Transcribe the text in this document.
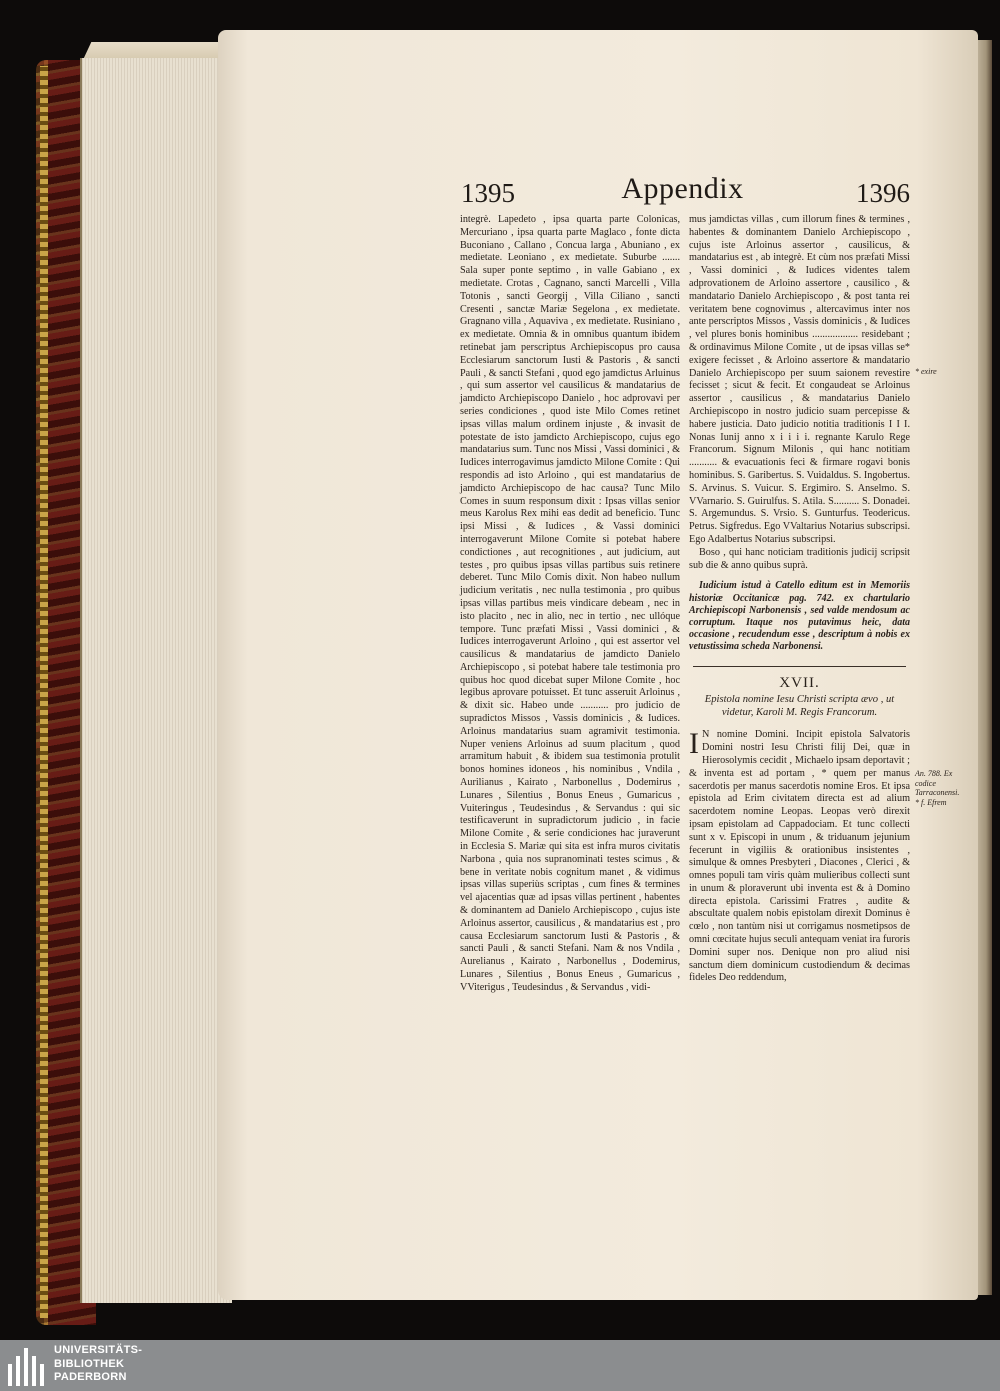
1395	Appendix	1396

integrè. Lapedeto , ipsa quarta parte Colonicas, Mercuriano , ipsa quarta parte Maglaco , fonte dicta Buconiano , Callano , Concua larga , Abuniano , ex medietate. Leoniano , ex medietate. Suburbe ....... Sala super ponte septimo , in valle Gabiano , ex medietate. Crotas , Cagnano, sancti Marcelli , Villa Totonis , sancti Georgij , Villa Ciliano , sancti Cresenti , sanctæ Mariæ Segelona , ex medietate. Gragnano villa , Aquaviva , ex medietate. Rusiniano , ex medietate. Omnia & in omnibus quantum ibidem retinebat jam perscriptus Archiepiscopus pro causa Ecclesiarum sanctorum Iusti & Pastoris , & sancti Pauli , & sancti Stefani , quod ego jamdictus Arluinus , qui sum assertor vel causilicus & mandatarius de jamdicto Archiepiscopo Danielo , hoc adprovavi per series condiciones , quod iste Milo Comes retinet ipsas villas malum ordinem injuste , & invasit de potestate de isto jamdicto Archiepiscopo, cujus ego mandatarius sum. Tunc nos Missi , Vassi dominici , & Iudices interrogavimus jamdicto Milone Comite : Qui respondis ad isto Arloino , qui est mandatarius de jamdicto Archiepiscopo de hac causa? Tunc Milo Comes in suum responsum dixit : Ipsas villas senior meus Karolus Rex mihi eas dedit ad beneficio. Tunc ipsi Missi , & Iudices , & Vassi dominici interrogaverunt Milone Comite si potebat habere condictiones , aut recognitiones , aut judicium, aut testes , pro quibus ipsas villas partibus suis retinere deberet. Tunc Milo Comis dixit. Non habeo nullum judicium veritatis , nec nulla testimonia , pro quibus ipsas villas partibus meis vindicare debeam , nec in isto placito , nec in alio, nec in tertio , nec ullóque tempore. Tunc præfati Missi , Vassi dominici , & Iudices interrogaverunt Arloino , qui est assertor vel causilicus & mandatarius de jamdicto Danielo Archiepiscopo , si potebat habere tale testimonia pro quibus hoc quod dicebat super Milone Comite , hoc legibus aprovare potuisset. Et tunc asseruit Arloinus , & dixit sic. Habeo unde ........... pro judicio de supradictos Missos , Vassis dominicis , & Iudices. Arloinus mandatarius suam agramivit testimonia. Nuper veniens Arloinus ad suum placitum , quod arramitum habuit , & ibidem sua testimonia protulit bonos homines idoneos , his nominibus , Vndila , Aurilianus , Kairato , Narbonellus , Dodemirus , Lunares , Silentius , Bonus Eneus , Gumaricus , Vuiteringus , Teudesindus , & Servandus : qui sic testificaverunt in supradictorum judicio , in facie Milone Comite , & serie condiciones hac juraverunt in Ecclesia S. Mariæ qui sita est infra muros civitatis Narbona , quia nos supranominati testes scimus , & bene in veritate nobis cognitum manet , & vidimus ipsas villas superiùs scriptas , cum fines & termines vel ajacentias quæ ad ipsas villas pertinent , habentes & dominantem ad Danielo Archiepiscopo , cujus iste Arloinus assertor, causilicus , & mandatarius est , pro causa Ecclesiarum sanctorum Iusti & Pastoris , & sancti Pauli , & sancti Stefani. Nam & nos Vndila , Aurelianus , Kairato , Narbonellus , Dodemirus, Lunares , Silentius , Bonus Eneus , Gumaricus , VViterigus , Teudesindus , & Servandus , vidi-

mus jamdictas villas , cum illorum fines & termines , habentes & dominantem Danielo Archiepiscopo , cujus iste Arloinus assertor , causilicus, & mandatarius est , ab integrè. Et cùm nos præfati Missi , Vassi dominici , & Iudices videntes talem adprovationem de Arloino assertore , causilico , & mandatario Danielo Archiepiscopo , & post tanta rei veritatem bene cognovimus , altercavimus inter nos ante perscriptos Missos , Vassis dominicis , & Iudices , vel plures bonis hominibus .................. residebant ; & ordinavimus Milone Comite , ut de ipsas villas se* exigere fecisset , & Arloino assertore & mandatario Danielo Archiepiscopo per suum saionem revestire fecisset ; sicut & fecit. Et congaudeat se Arloinus assertor , causilicus , & mandatarius Danielo Archiepiscopo in nostro judicio suam percepisse & habere justicia. Dato judicio notitia traditionis I I I. Nonas Iunij anno x i i i i. regnante Karulo Rege Francorum. Signum Milonis , qui hanc notitiam ........... & evacuationis feci & firmare rogavi bonis hominibus. S. Garibertus. S. Vuidaldus. S. Ingobertus. S. Arvinus. S. Vuicur. S. Ergimiro. S. Anselmo. S. VVarnario. S. Guirulfus. S. Atila. S.......... S. Donadei. S. Argemundus. S. Vrsio. S. Gunturfus. Teodericus. Petrus. Sigfredus. Ego VValtarius Notarius subscripsi. Ego Adalbertus Notarius subscripsi.

Boso , qui hanc noticiam traditionis judicij scripsit sub die & anno quibus suprà.

Iudicium istud à Catello editum est in Memoriis historiæ Occitanicæ pag. 742. ex chartulario Archiepiscopi Narbonensis , sed valde mendosum ac corruptum. Itaque nos putavimus heic, data occasione , recudendum esse , descriptum à nobis ex vetustissima scheda Narbonensi.

XVII.
Epistola nomine Iesu Christi scripta ævo , ut videtur, Karoli M. Regis Francorum.

I N nomine Domini. Incipit epistola Salvatoris Domini nostri Iesu Christi filij Dei, quæ in Hierosolymis cecidit , Michaelo ipsam deportavit ; & inventa est ad portam , * quem per manus sacerdotis per manus sacerdotis nomine Eros. Et ipsa epistola ad Erim civitatem directa est ad alium sacerdotem nomine Leopas. Leopas verò direxit ipsam epistolam ad Cappadociam. Et tunc collecti sunt x v. Episcopi in unum , & triduanum jejunium fecerunt in vigiliis & orationibus insistentes , simulque & omnes Presbyteri , Diacones , Clerici , & omnes populi tam viris quàm mulieribus collecti sunt in unum & ploraverunt ubi inventa est & à Domino directa epistola. Carissimi Fratres , audite & abscultate qualem nobis epistolam direxit Dominus è cœlo , non tantùm nisi ut corrigamus nosmetipsos de omni cœcitate hujus seculi antequam veniat ira furoris Domini super nos. Denique non pro aliud nisi sanctum diem dominicum custodiendum & decimas fideles Deo reddendum,

* exire
An. 788. Ex codice Tarraconensi. * f. Efrem
UNIVERSITÄTS-
BIBLIOTHEK
PADERBORN
